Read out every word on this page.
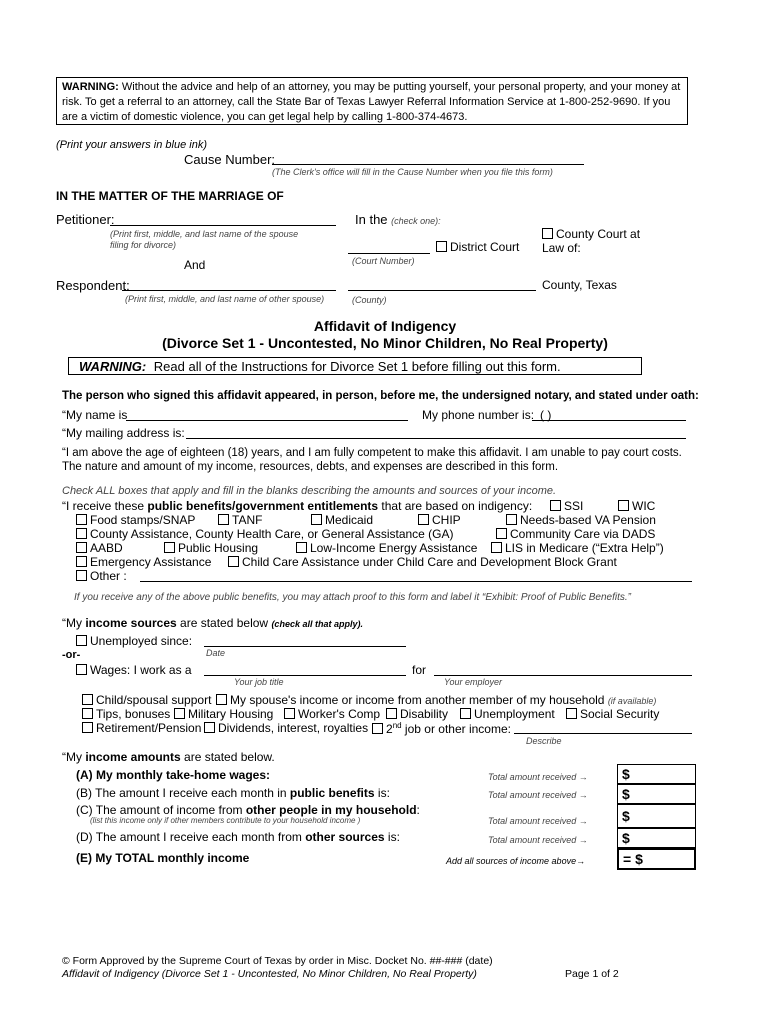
WARNING: Without the advice and help of an attorney, you may be putting yourself, your personal property, and your money at risk. To get a referral to an attorney, call the State Bar of Texas Lawyer Referral Information Service at 1-800-252-9690. If you are a victim of domestic violence, you can get legal help by calling 1-800-374-4673.
(Print your answers in blue ink)
Cause Number:
(The Clerk's office will fill in the Cause Number when you file this form)
IN THE MATTER OF THE MARRIAGE OF
Petitioner:
(Print first, middle, and last name of the spouse
filing for divorce)
And
In the (check one):
(Court Number)
District Court
County Court at
Law of:
Respondent:
(Print first, middle, and last name of other spouse)	(County)
County, Texas
Affidavit of Indigency
(Divorce Set 1 - Uncontested, No Minor Children, No Real Property)
WARNING: Read all of the Instructions for Divorce Set 1 before filling out this form.
The person who signed this affidavit appeared, in person, before me, the undersigned notary, and stated under oath:
“My name is	My phone number is: ( )
“My mailing address is:
“I am above the age of eighteen (18) years, and I am fully competent to make this affidavit. I am unable to pay court costs.
The nature and amount of my income, resources, debts, and expenses are described in this form.
Check ALL boxes that apply and fill in the blanks describing the amounts and sources of your income.
“I receive these public benefits/government entitlements that are based on indigency:	SSI	WIC
Food stamps/SNAP	TANF	Medicaid	CHIP	Needs-based VA Pension
County Assistance, County Health Care, or General Assistance (GA)	Community Care via DADS
AABD	Public Housing	Low-Income Energy Assistance	LIS in Medicare (“Extra Help”)
Emergency Assistance	Child Care Assistance under Child Care and Development Block Grant
Other :
If you receive any of the above public benefits, you may attach proof to this form and label it “Exhibit: Proof of Public Benefits.”
“My income sources are stated below (check all that apply).
Unemployed since:
Date
-or-
Wages: I work as a
Your job title
for
Your employer
Child/spousal support	My spouse's income or income from another member of my household (if available)
Tips, bonuses	Military Housing	Worker's Comp	Disability	Unemployment	Social Security
Retirement/Pension	Dividends, interest, royalties	2nd job or other income:
Describe
“My income amounts are stated below.
(A) My monthly take-home wages:	Total amount received →	$
(B) The amount I receive each month in public benefits is:	Total amount received →	$
(C) The amount of income from other people in my household:
(list this income only if other members contribute to your household income )	Total amount received →	$
(D) The amount I receive each month from other sources is:	Total amount received →	$
(E) My TOTAL monthly income	Add all sources of income above→	= $
© Form Approved by the Supreme Court of Texas by order in Misc. Docket No. ##-### (date)
Affidavit of Indigency (Divorce Set 1 - Uncontested, No Minor Children, No Real Property)	Page 1 of 2
